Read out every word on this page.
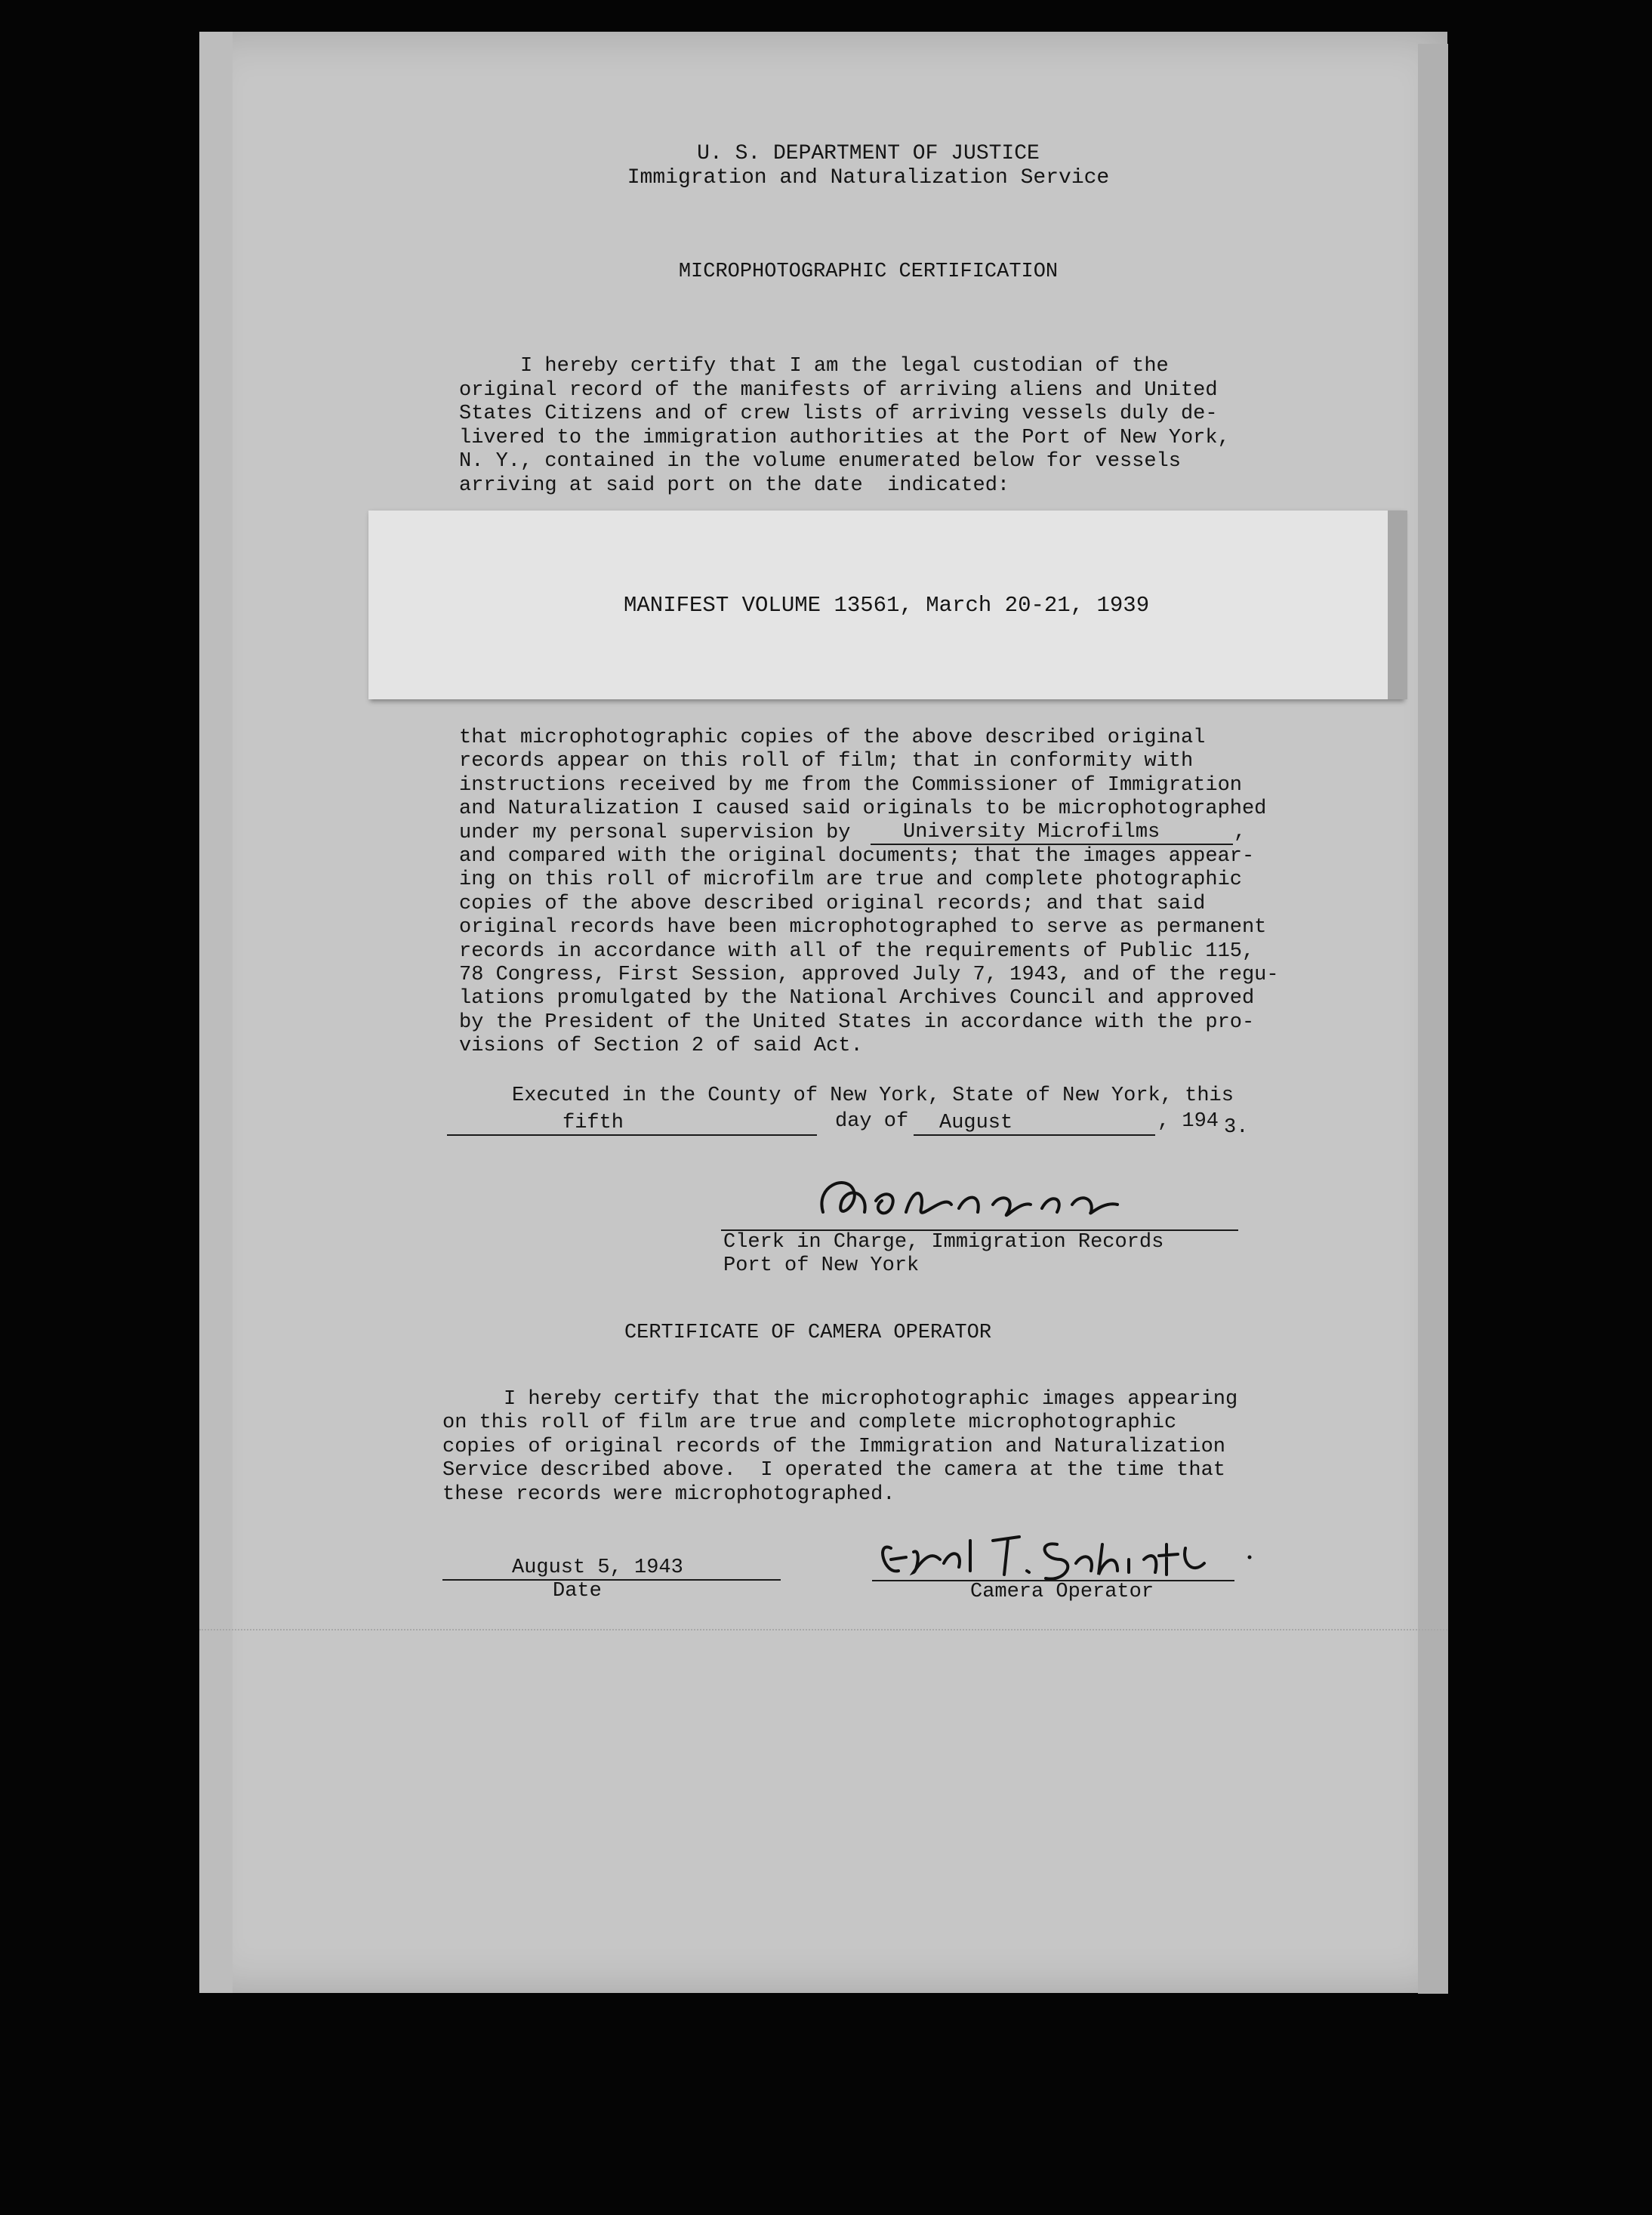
U. S. DEPARTMENT OF JUSTICE
Immigration and Naturalization Service
MICROPHOTOGRAPHIC CERTIFICATION
I hereby certify that I am the legal custodian of the
original record of the manifests of arriving aliens and United
States Citizens and of crew lists of arriving vessels duly de-
livered to the immigration authorities at the Port of New York,
N. Y., contained in the volume enumerated below for vessels
arriving at said port on the date  indicated:
MANIFEST VOLUME 13561, March 20-21, 1939
that microphotographic copies of the above described original
records appear on this roll of film; that in conformity with
instructions received by me from the Commissioner of Immigration
and Naturalization I caused said originals to be microphotographed
under my personal supervision by
and compared with the original documents; that the images appear-
ing on this roll of microfilm are true and complete photographic
copies of the above described original records; and that said
original records have been microphotographed to serve as permanent
records in accordance with all of the requirements of Public 115,
78 Congress, First Session, approved July 7, 1943, and of the regu-
lations promulgated by the National Archives Council and approved
by the President of the United States in accordance with the pro-
visions of Section 2 of said Act.
University Microfilms	,
Executed in the County of New York, State of New York, this
fifth	day of August	, 194 3.
Clerk in Charge, Immigration Records
Port of New York
CERTIFICATE OF CAMERA OPERATOR
I hereby certify that the microphotographic images appearing
on this roll of film are true and complete microphotographic
copies of original records of the Immigration and Naturalization
Service described above.  I operated the camera at the time that
these records were microphotographed.
August 5, 1943
Date	Camera Operator
